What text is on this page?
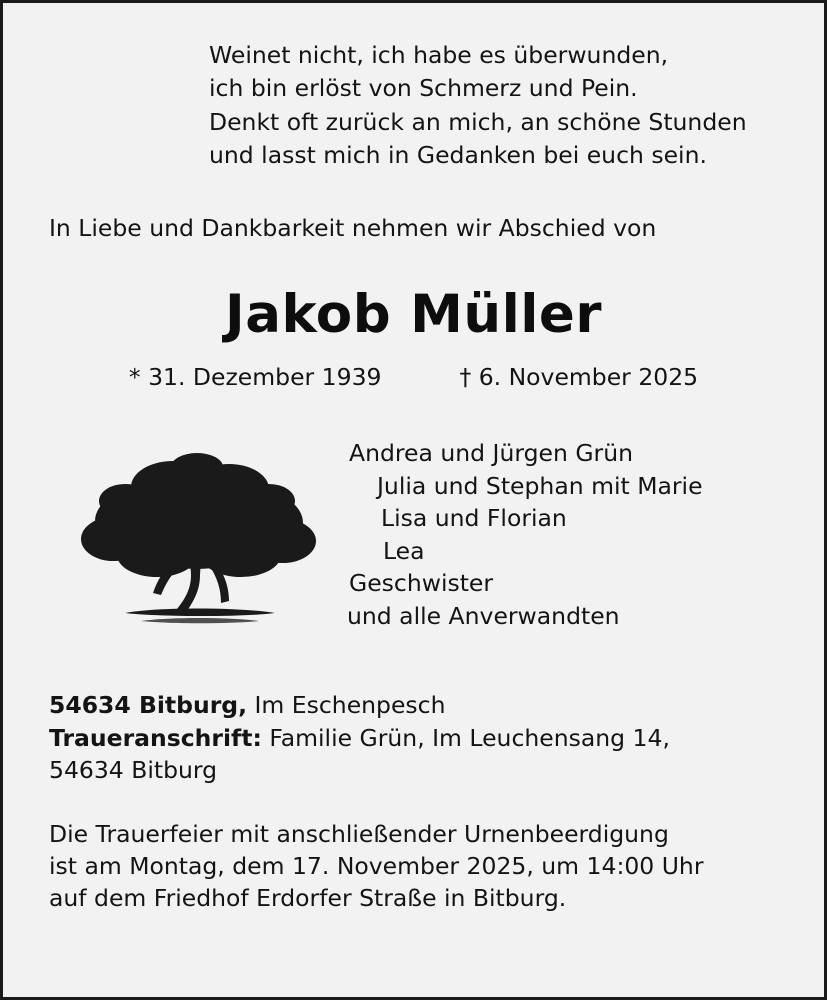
Weinet nicht, ich habe es überwunden,
ich bin erlöst von Schmerz und Pein.
Denkt oft zurück an mich, an schöne Stunden
und lasst mich in Gedanken bei euch sein.
In Liebe und Dankbarkeit nehmen wir Abschied von
Jakob Müller
* 31. Dezember 1939	† 6. November 2025
Andrea und Jürgen Grün
Julia und Stephan mit Marie
Lisa und Florian
Lea
Geschwister
und alle Anverwandten
54634 Bitburg, Im Eschenpesch
Traueranschrift: Familie Grün, Im Leuchensang 14,
54634 Bitburg
Die Trauerfeier mit anschließender Urnenbeerdigung
ist am Montag, dem 17. November 2025, um 14:00 Uhr
auf dem Friedhof Erdorfer Straße in Bitburg.
